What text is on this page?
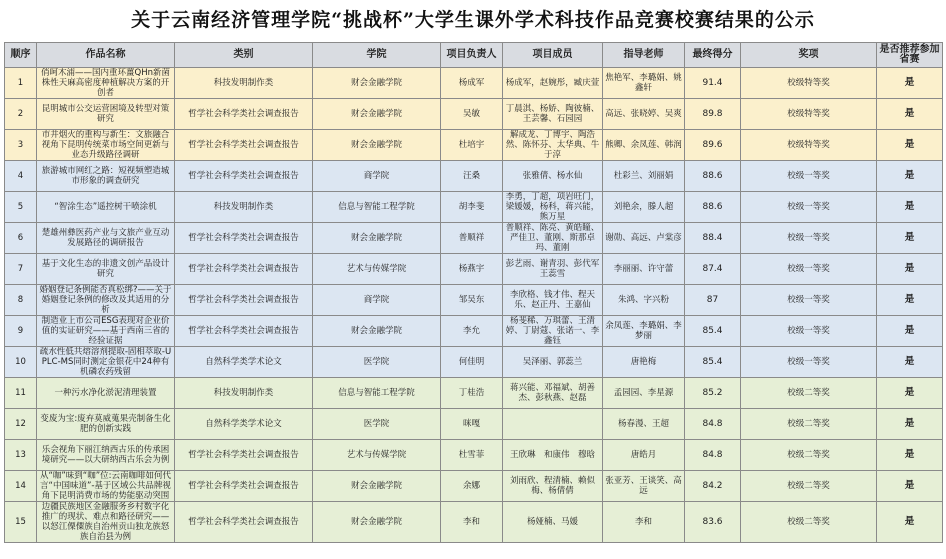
关于云南经济管理学院“挑战杯”大学生课外学术科技作品竞赛校赛结果的公示
顺序	作品名称	类别	学院	项目负责人	项目成员	指导老师	最终得分	奖项	是否推荐参加省赛
1	俏呵木浦——国内重环薑QHn新菌株性天麻高密度种植解决方案的开创者	科技发明制作类	财会金融学院	杨成军	杨成军，赵婉彤，臧庆萱	焦艳军、李璐娟、姚鑫轩	91.4	校级特等奖	是
2	昆明城市公交运营困境及转型对策研究	哲学社会科学类社会调查报告	财会金融学院	吴敏	丁晨淇、杨娇、陶彼楠、王芸馨、石园园	高远、张晓婷、吴爽	89.8	校级特等奖	是
3	市井烟火的重构与新生：文旅融合视角下昆明传统菜市场空间更新与业态升级路径调研	哲学社会科学类社会调查报告	财会金融学院	杜培宇	解成龙、丁博宇、陶浩然、陈怀芬、太华典、牛于淳	熊卿、余凤莲、韩润	89.6	校级特等奖	是
4	旅游城市网红之路：短视频塑造城市形象的调查研究	哲学社会科学类社会调查报告	商学院	汪桑	张雅倩、杨水仙	杜彩兰、刘丽娟	88.6	校级一等奖	是
5	“智涂生态”遥控树干喷涂机	科技发明制作类	信息与智能工程学院	胡李斐	李勇，丁超，项岩旺门，梁媛媛，杨科，蒋兴能，熊万星	刘艳余，滕人超	88.6	校级一等奖	是
6	楚雄州彝医药产业与文旅产业互动发展路径的调研报告	哲学社会科学类社会调查报告	财会金融学院	普顺祥	普顺祥、陈亮、黄皓瞳、严佳卫、董刚、斯那卓玛、董刚	谢勋、高远、卢棠彦	88.4	校级一等奖	是
7	基于文化生态的非遗文创产品设计研究	哲学社会科学类社会调查报告	艺术与传媒学院	杨燕宇	彭艺雨、谢青羽、彭代军王蕊雪	李丽丽、许守蕾	87.4	校级一等奖	是
8	婚姻登记条例能否真松绑?——关于婚姻登记条例的修改及其适用的分析	哲学社会科学类社会调查报告	商学院	邹吴东	李欣格、钱才伟、程天乐、赵正丹、王嘉仙	朱鸿、字兴粉	87	校级一等奖	是
9	制造业上市公司ESG表现对企业价值的实证研究——基于西南三省的经验证据	哲学社会科学类社会调查报告	财会金融学院	李允	杨斐稀、万琪蕾、王清婷、丁尉蔻、张诺一、李鑫钰	余凤莲、李璐娟、李梦丽	85.4	校级一等奖	是
10	疏水性低共熔溶剂提取-固相萃取-UPLC-MS同时测定金银花中24种有机磷农药残留	自然科学类学术论文	医学院	何佳明	吴泽丽、郭蕊兰	唐艳梅	85.4	校级一等奖	是
11	一种污水净化淤泥清理装置	科技发明制作类	信息与智能工程学院	丁桂浩	蒋兴能、邓福斌、胡善杰、彭秋燕、赵磊	孟园园、李星源	85.2	校级二等奖	是
12	变废为宝:废弃莫威蒐果壳制备生化肥的创新实践	自然科学类学术论文	医学院	咪嘎		杨春漫、王超	84.8	校级二等奖	是
13	乐会视角下丽江纳西古乐的传承困境研究——以大研纳西古乐会为例	哲学社会科学类社会调查报告	艺术与传媒学院	杜雪菲	王欣琳　和康伟　穆晗	唐皓月	84.8	校级二等奖	是
14	从“咖”味到“咖”位:云南咖啡如何代言“中国味道”-基于区域公共品牌视角下昆明消费市场的势能驱动突围	哲学社会科学类社会调查报告	财会金融学院	余娜	刘雨欣、程清楠、赖似梅、杨倩倩	张亚芳、王谈笑、高远	84.2	校级二等奖	是
15	边疆民族地区金融服务乡村数字化推广的现状、难点和路径研究——以怒江傈僳族自治州贡山独龙族怒族自治县为例	哲学社会科学类社会调查报告	财会金融学院	李和	杨娅楠、马媛	李和	83.6	校级二等奖	是
